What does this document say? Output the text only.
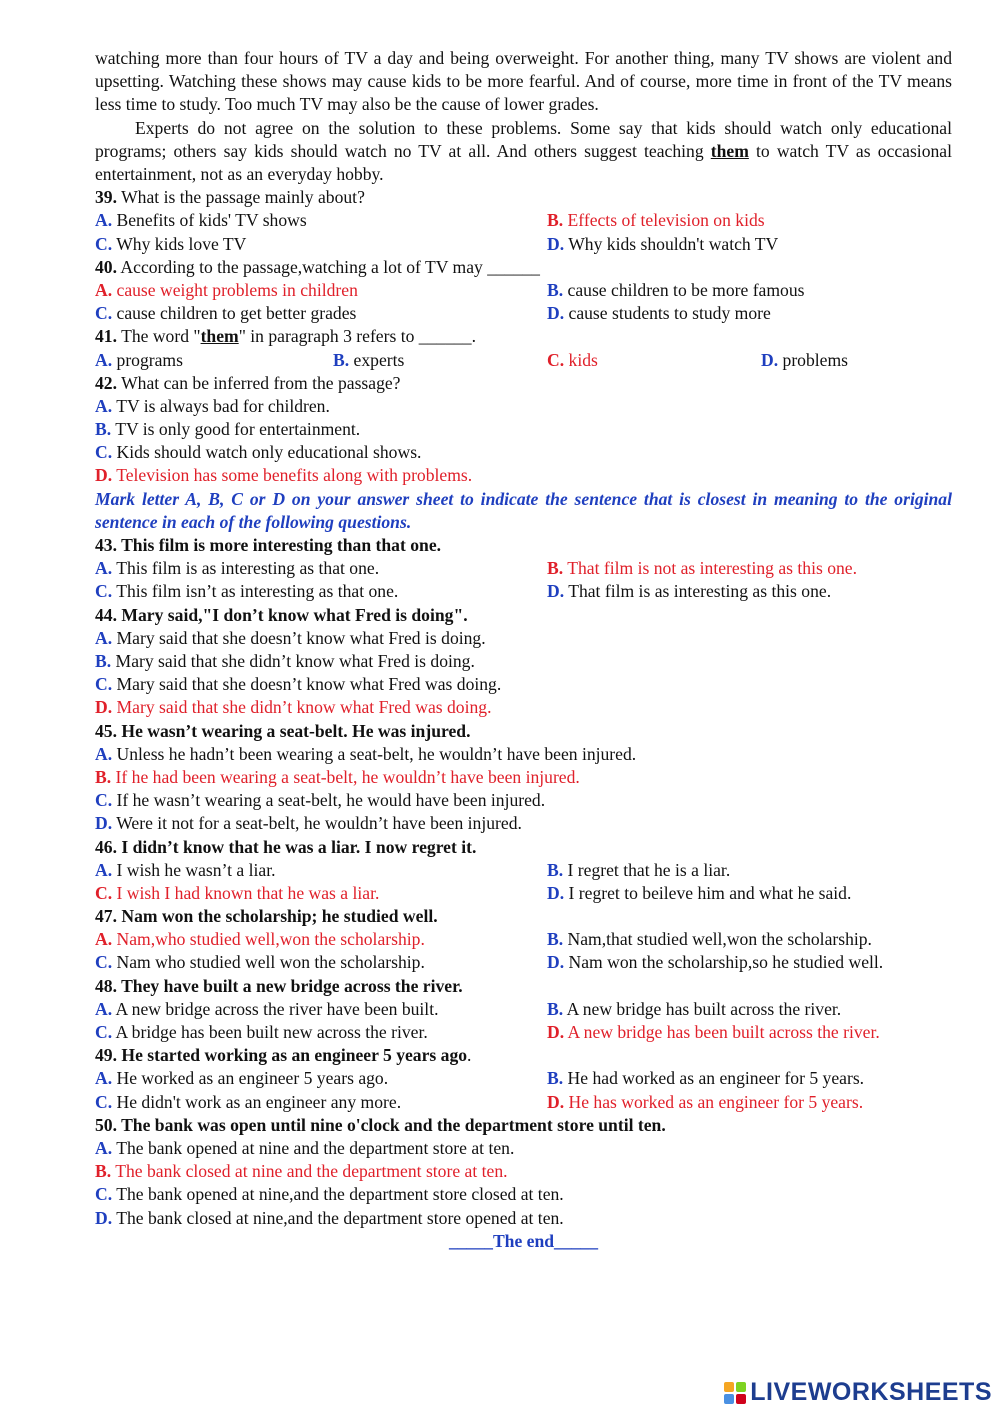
watching more than four hours of TV a day and being overweight. For another thing, many TV shows are violent and upsetting. Watching these shows may cause kids to be more fearful. And of course, more time in front of the TV means less time to study. Too much TV may also be the cause of lower grades.

Experts do not agree on the solution to these problems. Some say that kids should watch only educational programs; others say kids should watch no TV at all. And others suggest teaching them to watch TV as occasional entertainment, not as an everyday hobby.

39. What is the passage mainly about?
A. Benefits of kids' TV shows	B. Effects of television on kids
C. Why kids love TV	D. Why kids shouldn't watch TV
40. According to the passage,watching a lot of TV may ______
A. cause weight problems in children	B. cause children to be more famous
C. cause children to get better grades	D. cause students to study more
41. The word "them" in paragraph 3 refers to ______.
A. programs	B. experts	C. kids	D. problems
42. What can be inferred from the passage?
A. TV is always bad for children.
B. TV is only good for entertainment.
C. Kids should watch only educational shows.
D. Television has some benefits along with problems.

Mark letter A, B, C or D on your answer sheet to indicate the sentence that is closest in meaning to the original sentence in each of the following questions.

43. This film is more interesting than that one.
A. This film is as interesting as that one.	B. That film is not as interesting as this one.
C. This film isn’t as interesting as that one.	D. That film is as interesting as this one.
44. Mary said,"I don’t know what Fred is doing".
A. Mary said that she doesn’t know what Fred is doing.
B. Mary said that she didn’t know what Fred is doing.
C. Mary said that she doesn’t know what Fred was doing.
D. Mary said that she didn’t know what Fred was doing.
45. He wasn’t wearing a seat-belt. He was injured.
A. Unless he hadn’t been wearing a seat-belt, he wouldn’t have been injured.
B. If he had been wearing a seat-belt, he wouldn’t have been injured.
C. If he wasn’t wearing a seat-belt, he would have been injured.
D. Were it not for a seat-belt, he wouldn’t have been injured.
46. I didn’t know that he was a liar. I now regret it.
A. I wish he wasn’t a liar.	B. I regret that he is a liar.
C. I wish I had known that he was a liar.	D. I regret to beileve him and what he said.
47. Nam won the scholarship; he studied well.
A. Nam,who studied well,won the scholarship.	B. Nam,that studied well,won the scholarship.
C. Nam who studied well won the scholarship.	D. Nam won the scholarship,so he studied well.
48. They have built a new bridge across the river.
A. A new bridge across the river have been built.	B. A new bridge has built across the river.
C. A bridge has been built new across the river.	D. A new bridge has been built across the river.
49. He started working as an engineer 5 years ago.
A. He worked as an engineer 5 years ago.	B. He had worked as an engineer for 5 years.
C. He didn't work as an engineer any more.	D. He has worked as an engineer for 5 years.
50. The bank was open until nine o'clock and the department store until ten.
A. The bank opened at nine and the department store at ten.
B. The bank closed at nine and the department store at ten.
C. The bank opened at nine,and the department store closed at ten.
D. The bank closed at nine,and the department store opened at ten.
_____The end_____
LIVEWORKSHEETS
